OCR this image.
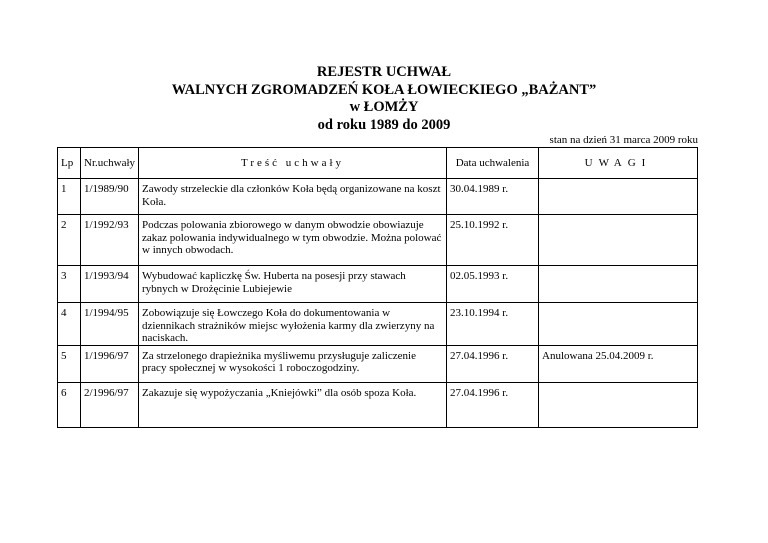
REJESTR UCHWAŁ
WALNYCH ZGROMADZEŃ KOŁA ŁOWIECKIEGO „BAŻANT”
w ŁOMŻY
od roku 1989 do 2009
stan na dzień 31 marca 2009 roku
Lp	Nr.uchwały	Treść uchwały	Data uchwalenia	UWAGI
1	1/1989/90	Zawody strzeleckie dla członków Koła będą organizowane na koszt Koła.	30.04.1989 r.	
2	1/1992/93	Podczas polowania zbiorowego w danym obwodzie obowiazuje zakaz polowania indywidualnego w tym obwodzie. Można polować w innych obwodach.	25.10.1992 r.	
3	1/1993/94	Wybudować kapliczkę Św. Huberta na posesji przy stawach rybnych w Drożęcinie Lubiejewie	02.05.1993 r.	
4	1/1994/95	Zobowiązuje się Łowczego Koła do dokumentowania w dziennikach strażników miejsc wyłożenia karmy dla zwierzyny na naciskach.	23.10.1994 r.	
5	1/1996/97	Za strzelonego drapieżnika myśliwemu przysługuje zaliczenie pracy społecznej w wysokości 1 roboczogodziny.	27.04.1996 r.	Anulowana 25.04.2009 r.
6	2/1996/97	Zakazuje się wypożyczania „Kniejówki” dla osób spoza Koła.	27.04.1996 r.	
